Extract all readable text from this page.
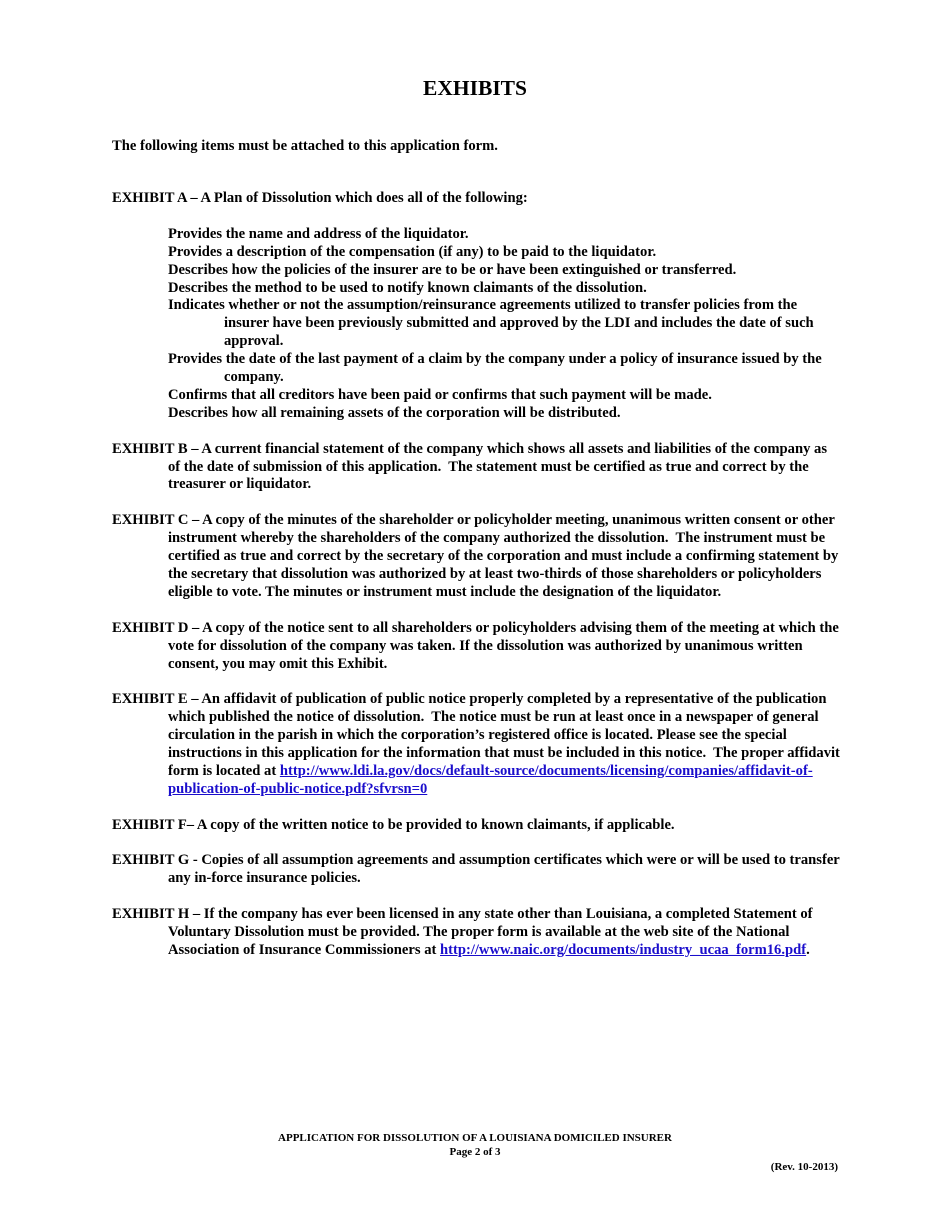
EXHIBITS

The following items must be attached to this application form.

EXHIBIT A – A Plan of Dissolution which does all of the following:

Provides the name and address of the liquidator.
Provides a description of the compensation (if any) to be paid to the liquidator.
Describes how the policies of the insurer are to be or have been extinguished or transferred.
Describes the method to be used to notify known claimants of the dissolution.
Indicates whether or not the assumption/reinsurance agreements utilized to transfer policies from the insurer have been previously submitted and approved by the LDI and includes the date of such approval.
Provides the date of the last payment of a claim by the company under a policy of insurance issued by the company.
Confirms that all creditors have been paid or confirms that such payment will be made.
Describes how all remaining assets of the corporation will be distributed.

EXHIBIT B – A current financial statement of the company which shows all assets and liabilities of the company as of the date of submission of this application.  The statement must be certified as true and correct by the treasurer or liquidator.

EXHIBIT C – A copy of the minutes of the shareholder or policyholder meeting, unanimous written consent or other instrument whereby the shareholders of the company authorized the dissolution.  The instrument must be certified as true and correct by the secretary of the corporation and must include a confirming statement by the secretary that dissolution was authorized by at least two-thirds of those shareholders or policyholders eligible to vote. The minutes or instrument must include the designation of the liquidator.

EXHIBIT D – A copy of the notice sent to all shareholders or policyholders advising them of the meeting at which the vote for dissolution of the company was taken. If the dissolution was authorized by unanimous written consent, you may omit this Exhibit.

EXHIBIT E – An affidavit of publication of public notice properly completed by a representative of the publication which published the notice of dissolution.  The notice must be run at least once in a newspaper of general circulation in the parish in which the corporation’s registered office is located. Please see the special instructions in this application for the information that must be included in this notice.  The proper affidavit form is located at http://www.ldi.la.gov/docs/default-source/documents/licensing/companies/affidavit-of-publication-of-public-notice.pdf?sfvrsn=0

EXHIBIT F– A copy of the written notice to be provided to known claimants, if applicable.

EXHIBIT G - Copies of all assumption agreements and assumption certificates which were or will be used to transfer any in-force insurance policies.

EXHIBIT H – If the company has ever been licensed in any state other than Louisiana, a completed Statement of Voluntary Dissolution must be provided. The proper form is available at the web site of the National Association of Insurance Commissioners at http://www.naic.org/documents/industry_ucaa_form16.pdf.

APPLICATION FOR DISSOLUTION OF A LOUISIANA DOMICILED INSURER
Page 2 of 3
(Rev. 10-2013)
